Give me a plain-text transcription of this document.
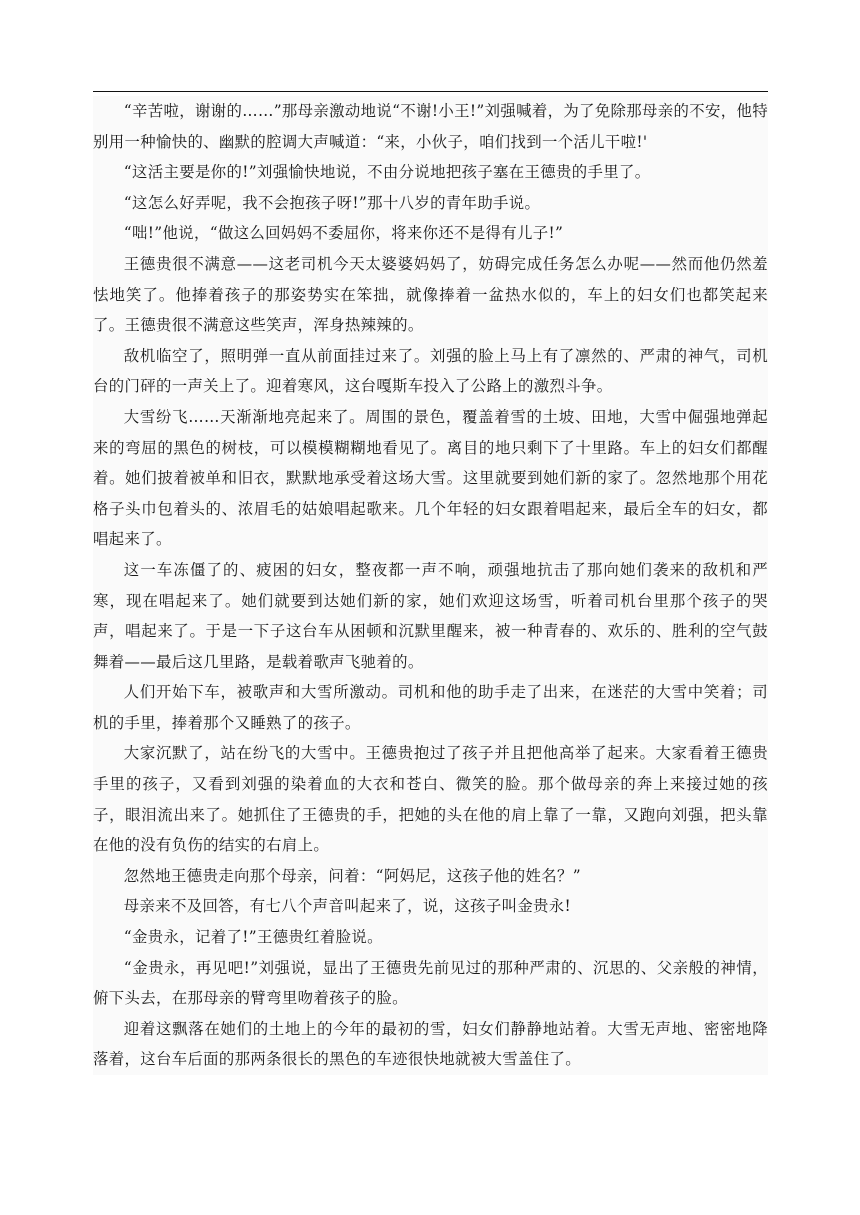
“辛苦啦，谢谢的……”那母亲激动地说“不谢!小王!”刘强喊着，为了免除那母亲的不安，他特别用一种愉快的、幽默的腔调大声喊道：“来，小伙子，咱们找到一个活儿干啦!'

“这活主要是你的!”刘强愉快地说，不由分说地把孩子塞在王德贵的手里了。

“这怎么好弄呢，我不会抱孩子呀!”那十八岁的青年助手说。

“咄!”他说，“做这么回妈妈不委屈你，将来你还不是得有儿子!”

王德贵很不满意——这老司机今天太婆婆妈妈了，妨碍完成任务怎么办呢——然而他仍然羞怯地笑了。他捧着孩子的那姿势实在笨拙，就像捧着一盆热水似的，车上的妇女们也都笑起来了。王德贵很不满意这些笑声，浑身热辣辣的。

敌机临空了，照明弹一直从前面挂过来了。刘强的脸上马上有了凛然的、严肃的神气，司机台的门砰的一声关上了。迎着寒风，这台嘎斯车投入了公路上的激烈斗争。

大雪纷飞……天渐渐地亮起来了。周围的景色，覆盖着雪的土坡、田地，大雪中倔强地弹起来的弯屈的黑色的树枝，可以模模糊糊地看见了。离目的地只剩下了十里路。车上的妇女们都醒着。她们披着被单和旧衣，默默地承受着这场大雪。这里就要到她们新的家了。忽然地那个用花格子头巾包着头的、浓眉毛的姑娘唱起歌来。几个年轻的妇女跟着唱起来，最后全车的妇女，都唱起来了。

这一车冻僵了的、疲困的妇女，整夜都一声不响，顽强地抗击了那向她们袭来的敌机和严寒，现在唱起来了。她们就要到达她们新的家，她们欢迎这场雪，听着司机台里那个孩子的哭声，唱起来了。于是一下子这台车从困顿和沉默里醒来，被一种青春的、欢乐的、胜利的空气鼓舞着——最后这几里路，是载着歌声飞驰着的。

人们开始下车，被歌声和大雪所激动。司机和他的助手走了出来，在迷茫的大雪中笑着；司机的手里，捧着那个又睡熟了的孩子。

大家沉默了，站在纷飞的大雪中。王德贵抱过了孩子并且把他高举了起来。大家看着王德贵手里的孩子，又看到刘强的染着血的大衣和苍白、微笑的脸。那个做母亲的奔上来接过她的孩子，眼泪流出来了。她抓住了王德贵的手，把她的头在他的肩上靠了一靠，又跑向刘强，把头靠在他的没有负伤的结实的右肩上。

忽然地王德贵走向那个母亲，问着：“阿妈尼，这孩子他的姓名？”

母亲来不及回答，有七八个声音叫起来了，说，这孩子叫金贵永!

“金贵永，记着了!”王德贵红着脸说。

“金贵永，再见吧!”刘强说，显出了王德贵先前见过的那种严肃的、沉思的、父亲般的神情，俯下头去，在那母亲的臂弯里吻着孩子的脸。

迎着这飘落在她们的土地上的今年的最初的雪，妇女们静静地站着。大雪无声地、密密地降落着，这台车后面的那两条很长的黑色的车迹很快地就被大雪盖住了。
